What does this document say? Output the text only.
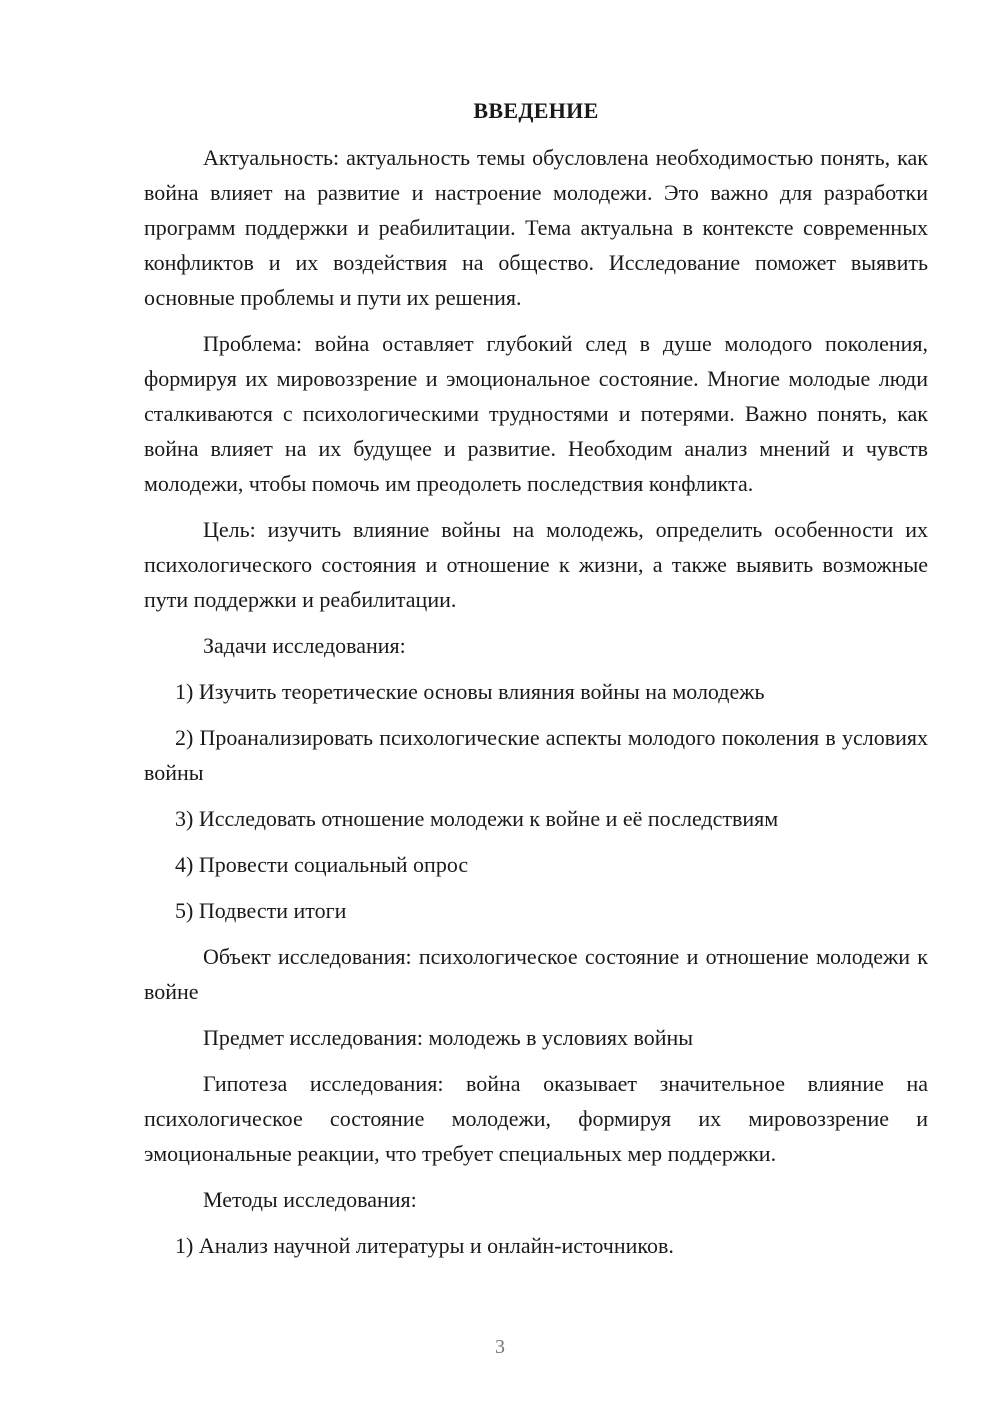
ВВЕДЕНИЕ

Актуальность: актуальность темы обусловлена необходимостью понять, как война влияет на развитие и настроение молодежи. Это важно для разработки программ поддержки и реабилитации. Тема актуальна в контексте современных конфликтов и их воздействия на общество. Исследование поможет выявить основные проблемы и пути их решения.

Проблема: война оставляет глубокий след в душе молодого поколения, формируя их мировоззрение и эмоциональное состояние. Многие молодые люди сталкиваются с психологическими трудностями и потерями. Важно понять, как война влияет на их будущее и развитие. Необходим анализ мнений и чувств молодежи, чтобы помочь им преодолеть последствия конфликта.

Цель: изучить влияние войны на молодежь, определить особенности их психологического состояния и отношение к жизни, а также выявить возможные пути поддержки и реабилитации.

Задачи исследования:

1) Изучить теоретические основы влияния войны на молодежь

2) Проанализировать психологические аспекты молодого поколения в условиях войны

3) Исследовать отношение молодежи к войне и её последствиям

4) Провести социальный опрос

5) Подвести итоги

Объект исследования: психологическое состояние и отношение молодежи к войне

Предмет исследования: молодежь в условиях войны

Гипотеза исследования: война оказывает значительное влияние на психологическое состояние молодежи, формируя их мировоззрение и эмоциональные реакции, что требует специальных мер поддержки.

Методы исследования:

1) Анализ научной литературы и онлайн-источников.

3
